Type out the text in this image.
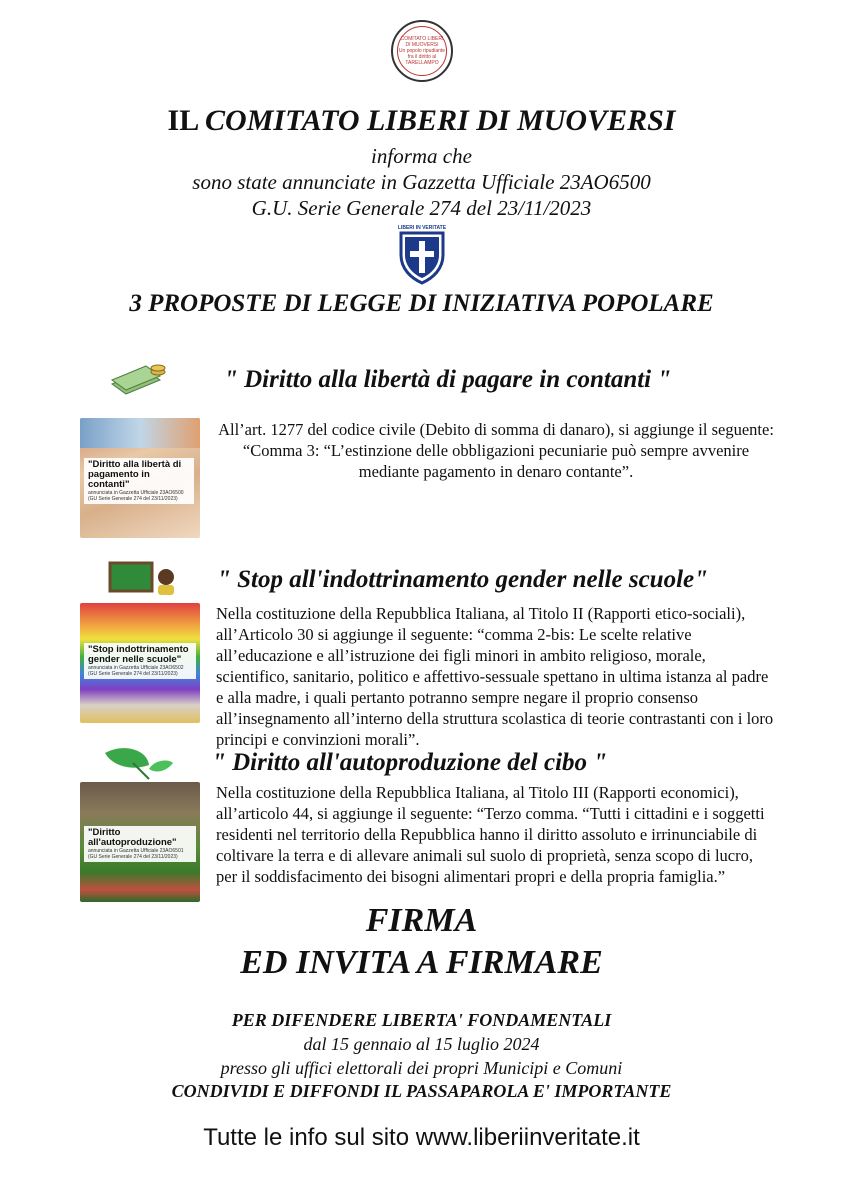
COMITATO LIBERI DI MUOVERSI
Un popolo ripudiante
fra il diritto al
TARELLAMPO
IL COMITATO LIBERI DI MUOVERSI
informa che
sono state annunciate in Gazzetta Ufficiale 23AO6500
G.U. Serie Generale 274 del 23/11/2023
LIBERI IN VERITATE
3 PROPOSTE DI LEGGE DI INIZIATIVA POPOLARE
" Diritto alla libertà di pagare in contanti "
"Diritto alla libertà di pagamento in contanti"
annunciata in Gazzetta Ufficiale 23AO6500 (GU Serie Generale 274 del 23/11/2023)
All’art. 1277 del codice civile (Debito di somma di danaro), si aggiunge il seguente: “Comma 3: “L’estinzione delle obbligazioni pecuniarie può sempre avvenire mediante pagamento in denaro contante”.
" Stop all'indottrinamento gender nelle scuole"
"Stop indottrinamento gender nelle scuole"
annunciata in Gazzetta Ufficiale 23AO6502 (GU Serie Generale 274 del 23/11/2023)
Nella costituzione della Repubblica Italiana, al Titolo II (Rapporti etico-sociali), all’Articolo 30 si aggiunge il seguente: “comma 2-bis: Le scelte relative all’educazione e all’istruzione dei figli minori in ambito religioso, morale, scientifico, sanitario, politico e affettivo-sessuale spettano in ultima istanza al padre e alla madre, i quali pertanto potranno sempre negare il proprio consenso all’insegnamento all’interno della struttura scolastica di teorie contrastanti con i loro principi e convinzioni morali”.
" Diritto all'autoproduzione del cibo "
"Diritto all'autoproduzione"
annunciata in Gazzetta Ufficiale 23AO6501 (GU Serie Generale 274 del 23/11/2023)
Nella costituzione della Repubblica Italiana, al Titolo III (Rapporti economici), all’articolo 44, si aggiunge il seguente: “Terzo comma. “Tutti i cittadini e i soggetti residenti nel territorio della Repubblica hanno il diritto assoluto e irrinunciabile di coltivare la terra e di allevare animali sul suolo di proprietà, senza scopo di lucro, per il soddisfacimento dei bisogni alimentari propri e della propria famiglia.”
FIRMA
ED INVITA A FIRMARE
PER DIFENDERE LIBERTA' FONDAMENTALI
dal 15 gennaio al 15 luglio 2024
presso gli uffici elettorali dei propri Municipi e Comuni
CONDIVIDI E DIFFONDI IL PASSAPAROLA E' IMPORTANTE
Tutte le info sul sito www.liberiinveritate.it
